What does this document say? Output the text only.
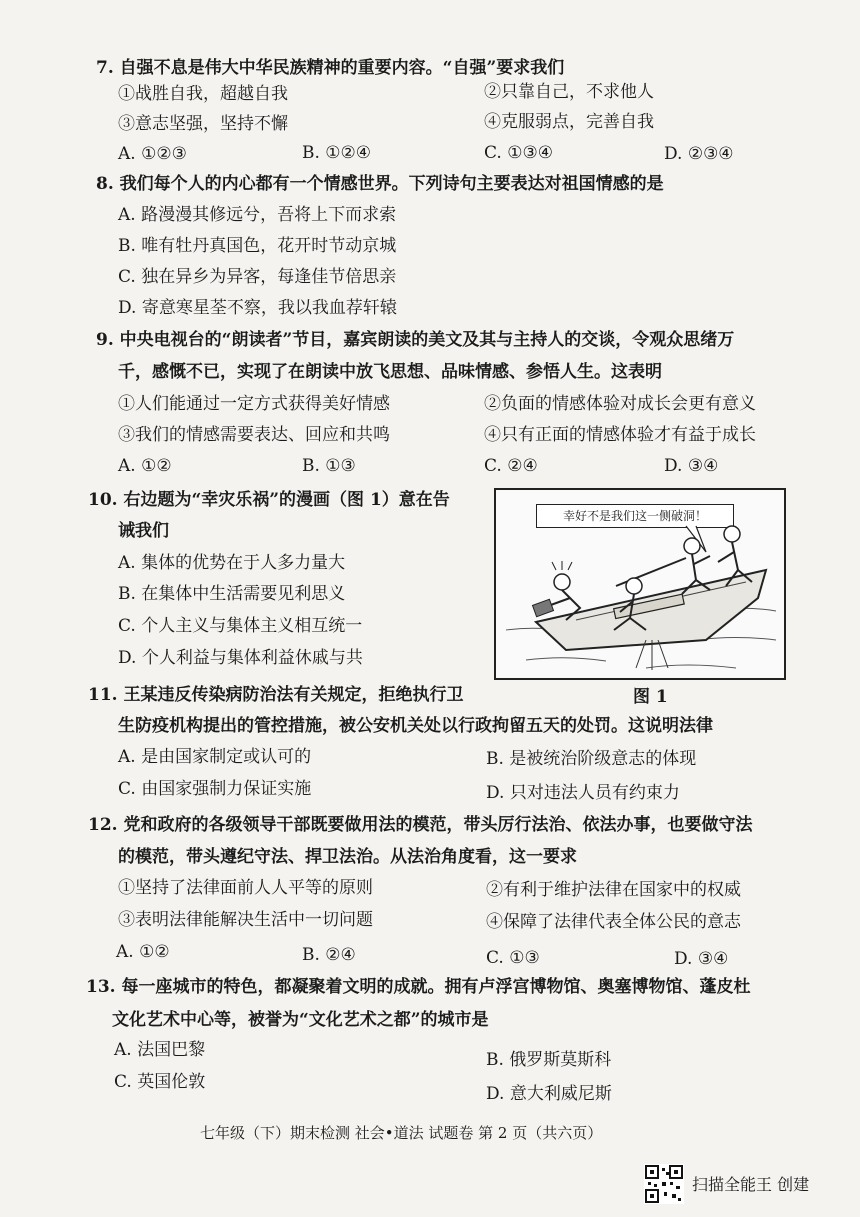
7. 自强不息是伟大中华民族精神的重要内容。“自强”要求我们
①战胜自我，超越自我	②只靠自己，不求他人
③意志坚强，坚持不懈	④克服弱点，完善自我
A. ①②③	B. ①②④	C. ①③④	D. ②③④
8. 我们每个人的内心都有一个情感世界。下列诗句主要表达对祖国情感的是
A. 路漫漫其修远兮，吾将上下而求索
B. 唯有牡丹真国色，花开时节动京城
C. 独在异乡为异客，每逢佳节倍思亲
D. 寄意寒星荃不察，我以我血荐轩辕
9. 中央电视台的“朗读者”节目，嘉宾朗读的美文及其与主持人的交谈，令观众思绪万
千，感慨不已，实现了在朗读中放飞思想、品味情感、参悟人生。这表明
①人们能通过一定方式获得美好情感	②负面的情感体验对成长会更有意义
③我们的情感需要表达、回应和共鸣	④只有正面的情感体验才有益于成长
A. ①②	B. ①③	C. ②④	D. ③④
10. 右边题为“幸灾乐祸”的漫画（图 1）意在告
诫我们
A. 集体的优势在于人多力量大
B. 在集体中生活需要见利思义
C. 个人主义与集体主义相互统一
D. 个人利益与集体利益休戚与共
幸好不是我们这一侧破洞！
图 1
11. 王某违反传染病防治法有关规定，拒绝执行卫
生防疫机构提出的管控措施，被公安机关处以行政拘留五天的处罚。这说明法律
A. 是由国家制定或认可的	B. 是被统治阶级意志的体现
C. 由国家强制力保证实施	D. 只对违法人员有约束力
12. 党和政府的各级领导干部既要做用法的模范，带头厉行法治、依法办事，也要做守法
的模范，带头遵纪守法、捍卫法治。从法治角度看，这一要求
①坚持了法律面前人人平等的原则	②有利于维护法律在国家中的权威
③表明法律能解决生活中一切问题	④保障了法律代表全体公民的意志
A. ①②	B. ②④	C. ①③	D. ③④
13. 每一座城市的特色，都凝聚着文明的成就。拥有卢浮宫博物馆、奥塞博物馆、蓬皮杜
文化艺术中心等，被誉为“文化艺术之都”的城市是
A. 法国巴黎	B. 俄罗斯莫斯科
C. 英国伦敦
D. 意大利威尼斯
七年级（下）期末检测 社会•道法 试题卷 第 2 页（共六页）
扫描全能王 创建
